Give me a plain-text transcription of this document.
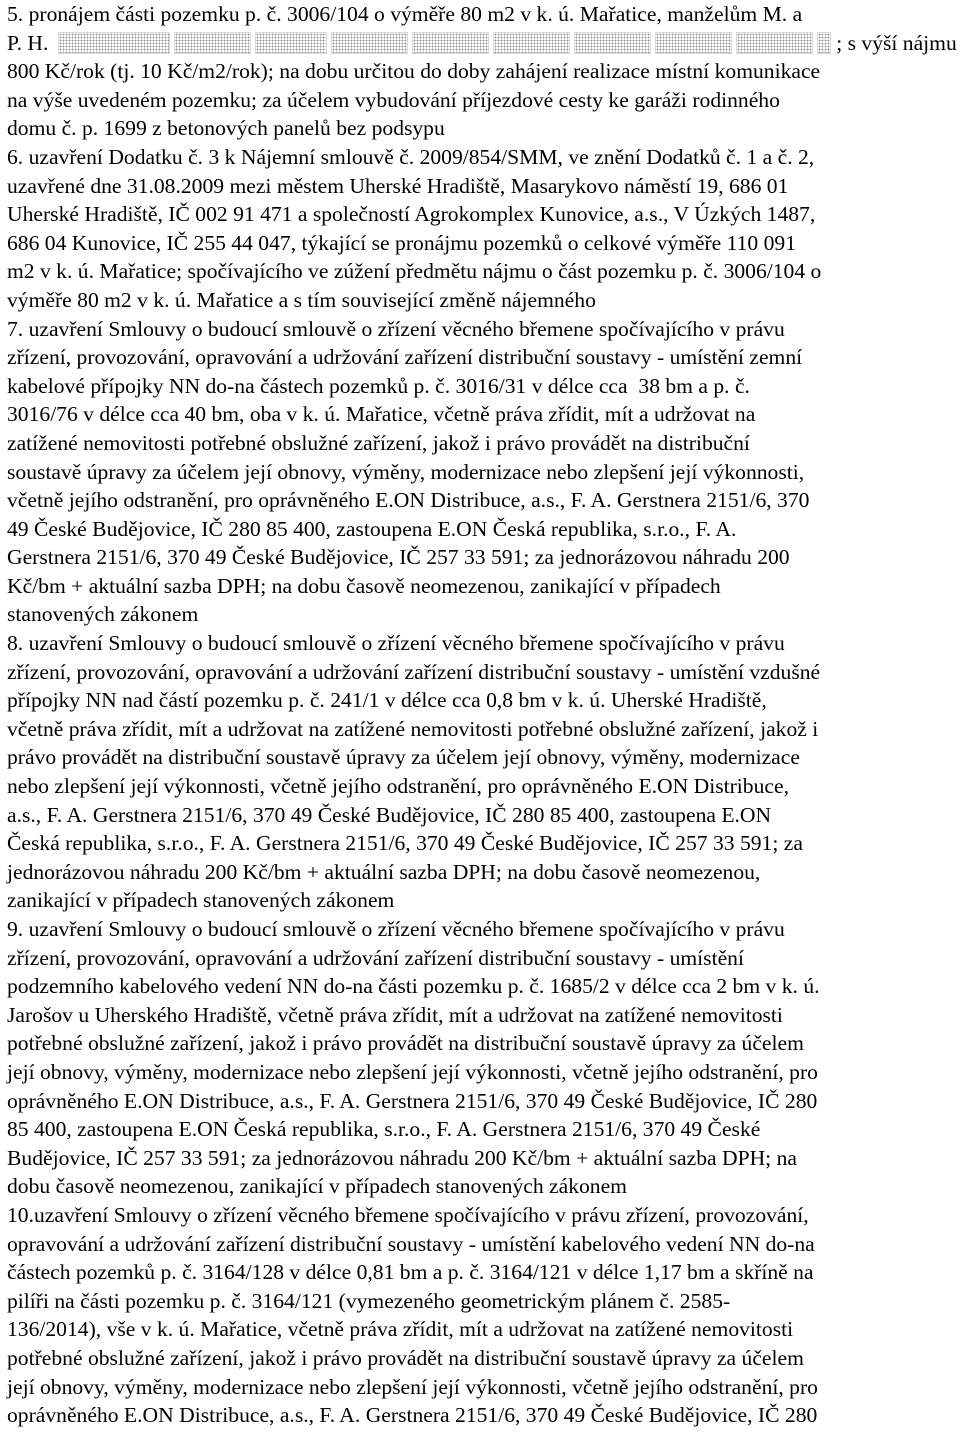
5. pronájem části pozemku p. č. 3006/104 o výměře 80 m2 v k. ú. Mařatice, manželům M. a
P. H.	; s výší nájmu
800 Kč/rok (tj. 10 Kč/m2/rok); na dobu určitou do doby zahájení realizace místní komunikace
na výše uvedeném pozemku; za účelem vybudování příjezdové cesty ke garáži rodinného
domu č. p. 1699 z betonových panelů bez podsypu
6. uzavření Dodatku č. 3 k Nájemní smlouvě č. 2009/854/SMM, ve znění Dodatků č. 1 a č. 2,
uzavřené dne 31.08.2009 mezi městem Uherské Hradiště, Masarykovo náměstí 19, 686 01
Uherské Hradiště, IČ 002 91 471 a společností Agrokomplex Kunovice, a.s., V Úzkých 1487,
686 04 Kunovice, IČ 255 44 047, týkající se pronájmu pozemků o celkové výměře 110 091
m2 v k. ú. Mařatice; spočívajícího ve zúžení předmětu nájmu o část pozemku p. č. 3006/104 o
výměře 80 m2 v k. ú. Mařatice a s tím související změně nájemného
7. uzavření Smlouvy o budoucí smlouvě o zřízení věcného břemene spočívajícího v právu
zřízení, provozování, opravování a udržování zařízení distribuční soustavy - umístění zemní
kabelové přípojky NN do-na částech pozemků p. č. 3016/31 v délce cca  38 bm a p. č.
3016/76 v délce cca 40 bm, oba v k. ú. Mařatice, včetně práva zřídit, mít a udržovat na
zatížené nemovitosti potřebné obslužné zařízení, jakož i právo provádět na distribuční
soustavě úpravy za účelem její obnovy, výměny, modernizace nebo zlepšení její výkonnosti,
včetně jejího odstranění, pro oprávněného E.ON Distribuce, a.s., F. A. Gerstnera 2151/6, 370
49 České Budějovice, IČ 280 85 400, zastoupena E.ON Česká republika, s.r.o., F. A.
Gerstnera 2151/6, 370 49 České Budějovice, IČ 257 33 591; za jednorázovou náhradu 200
Kč/bm + aktuální sazba DPH; na dobu časově neomezenou, zanikající v případech
stanovených zákonem
8. uzavření Smlouvy o budoucí smlouvě o zřízení věcného břemene spočívajícího v právu
zřízení, provozování, opravování a udržování zařízení distribuční soustavy - umístění vzdušné
přípojky NN nad částí pozemku p. č. 241/1 v délce cca 0,8 bm v k. ú. Uherské Hradiště,
včetně práva zřídit, mít a udržovat na zatížené nemovitosti potřebné obslužné zařízení, jakož i
právo provádět na distribuční soustavě úpravy za účelem její obnovy, výměny, modernizace
nebo zlepšení její výkonnosti, včetně jejího odstranění, pro oprávněného E.ON Distribuce,
a.s., F. A. Gerstnera 2151/6, 370 49 České Budějovice, IČ 280 85 400, zastoupena E.ON
Česká republika, s.r.o., F. A. Gerstnera 2151/6, 370 49 České Budějovice, IČ 257 33 591; za
jednorázovou náhradu 200 Kč/bm + aktuální sazba DPH; na dobu časově neomezenou,
zanikající v případech stanovených zákonem
9. uzavření Smlouvy o budoucí smlouvě o zřízení věcného břemene spočívajícího v právu
zřízení, provozování, opravování a udržování zařízení distribuční soustavy - umístění
podzemního kabelového vedení NN do-na části pozemku p. č. 1685/2 v délce cca 2 bm v k. ú.
Jarošov u Uherského Hradiště, včetně práva zřídit, mít a udržovat na zatížené nemovitosti
potřebné obslužné zařízení, jakož i právo provádět na distribuční soustavě úpravy za účelem
její obnovy, výměny, modernizace nebo zlepšení její výkonnosti, včetně jejího odstranění, pro
oprávněného E.ON Distribuce, a.s., F. A. Gerstnera 2151/6, 370 49 České Budějovice, IČ 280
85 400, zastoupena E.ON Česká republika, s.r.o., F. A. Gerstnera 2151/6, 370 49 České
Budějovice, IČ 257 33 591; za jednorázovou náhradu 200 Kč/bm + aktuální sazba DPH; na
dobu časově neomezenou, zanikající v případech stanovených zákonem
10.uzavření Smlouvy o zřízení věcného břemene spočívajícího v právu zřízení, provozování,
opravování a udržování zařízení distribuční soustavy - umístění kabelového vedení NN do-na
částech pozemků p. č. 3164/128 v délce 0,81 bm a p. č. 3164/121 v délce 1,17 bm a skříně na
pilíři na části pozemku p. č. 3164/121 (vymezeného geometrickým plánem č. 2585-
136/2014), vše v k. ú. Mařatice, včetně práva zřídit, mít a udržovat na zatížené nemovitosti
potřebné obslužné zařízení, jakož i právo provádět na distribuční soustavě úpravy za účelem
její obnovy, výměny, modernizace nebo zlepšení její výkonnosti, včetně jejího odstranění, pro
oprávněného E.ON Distribuce, a.s., F. A. Gerstnera 2151/6, 370 49 České Budějovice, IČ 280
